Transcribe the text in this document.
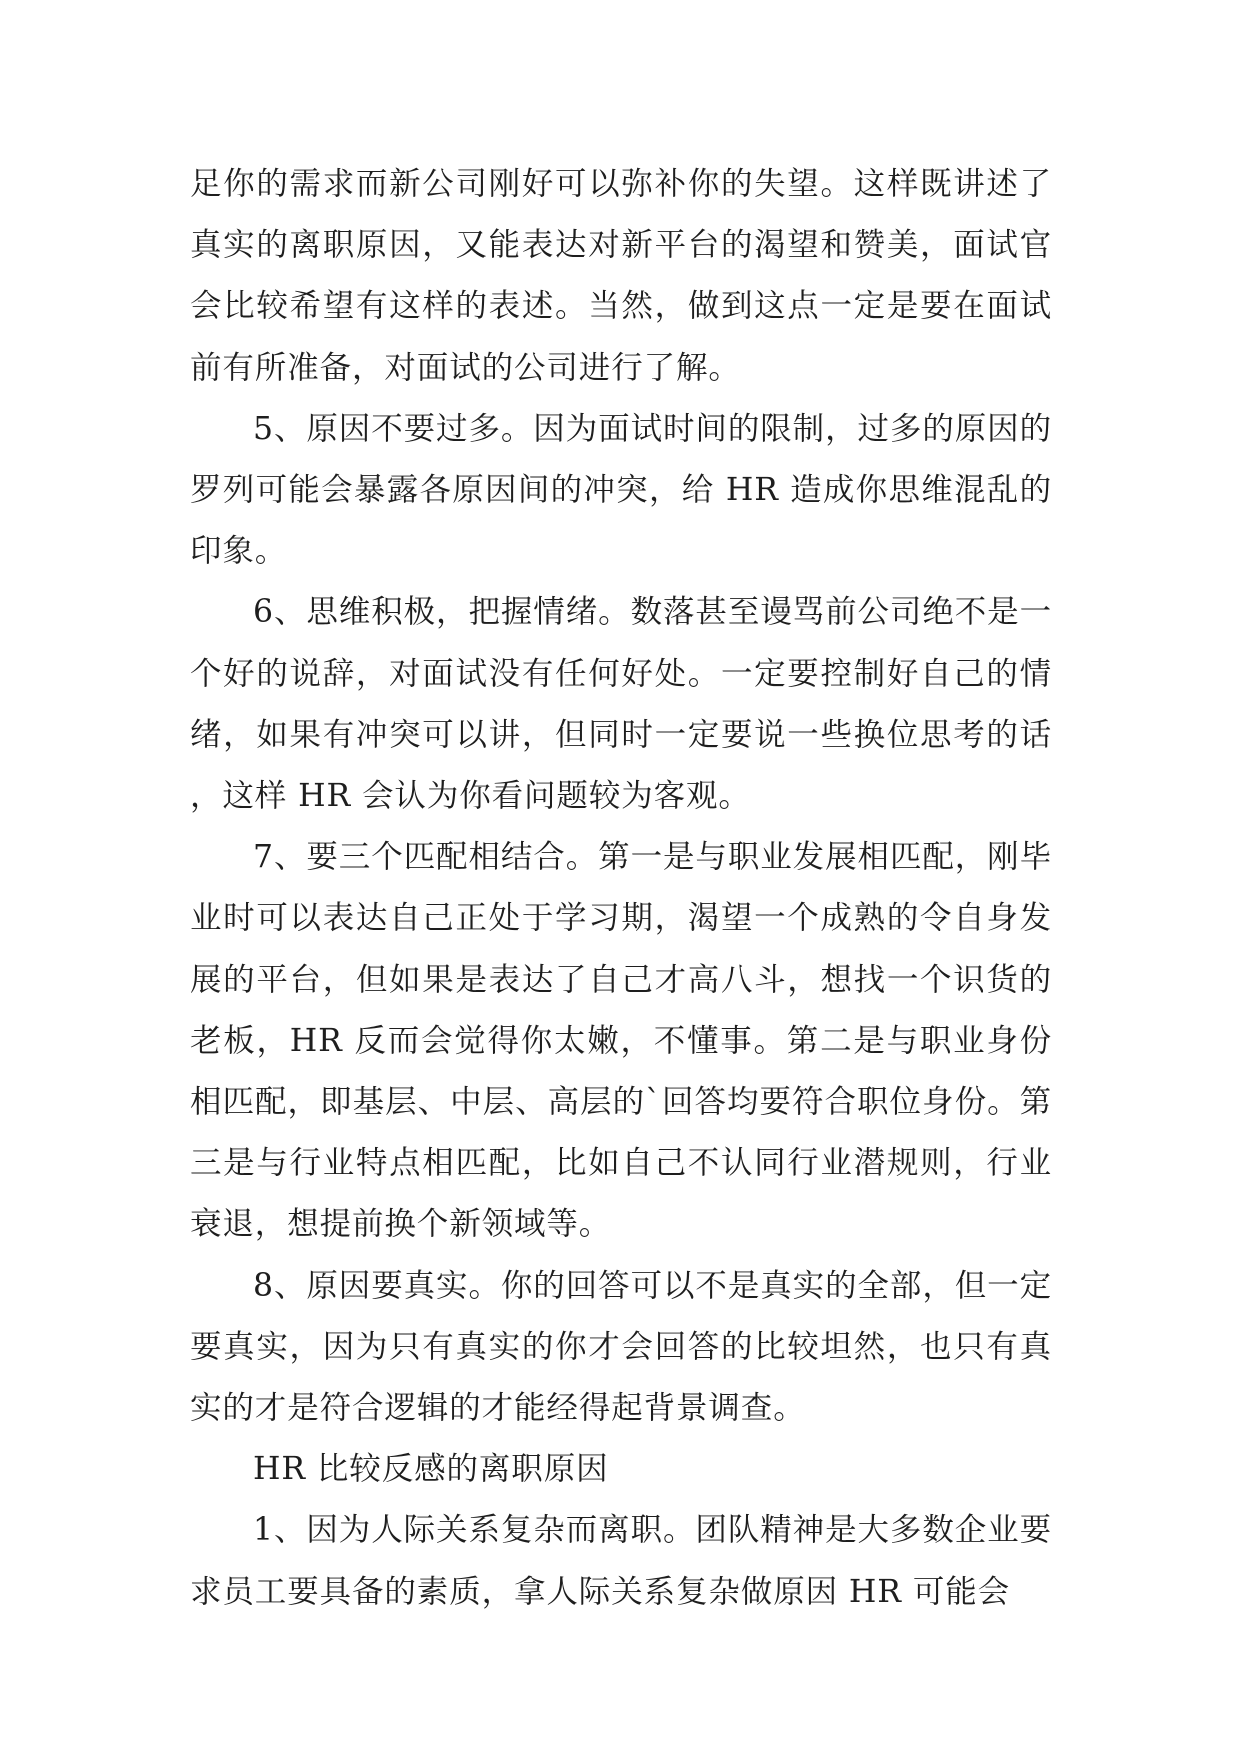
足你的需求而新公司刚好可以弥补你的失望。这样既讲述了真实的离职原因，又能表达对新平台的渴望和赞美，面试官会比较希望有这样的表述。当然，做到这点一定是要在面试前有所准备，对面试的公司进行了解。

5、原因不要过多。因为面试时间的限制，过多的原因的罗列可能会暴露各原因间的冲突，给 HR 造成你思维混乱的印象。

6、思维积极，把握情绪。数落甚至谩骂前公司绝不是一个好的说辞，对面试没有任何好处。一定要控制好自己的情绪，如果有冲突可以讲，但同时一定要说一些换位思考的话，这样 HR 会认为你看问题较为客观。

7、要三个匹配相结合。第一是与职业发展相匹配，刚毕业时可以表达自己正处于学习期，渴望一个成熟的令自身发展的平台，但如果是表达了自己才高八斗，想找一个识货的老板，HR 反而会觉得你太嫩，不懂事。第二是与职业身份相匹配，即基层、中层、高层的`回答均要符合职位身份。第三是与行业特点相匹配，比如自己不认同行业潜规则，行业衰退，想提前换个新领域等。

8、原因要真实。你的回答可以不是真实的全部，但一定要真实，因为只有真实的你才会回答的比较坦然，也只有真实的才是符合逻辑的才能经得起背景调查。

HR 比较反感的离职原因

1、因为人际关系复杂而离职。团队精神是大多数企业要求员工要具备的素质，拿人际关系复杂做原因 HR 可能会
